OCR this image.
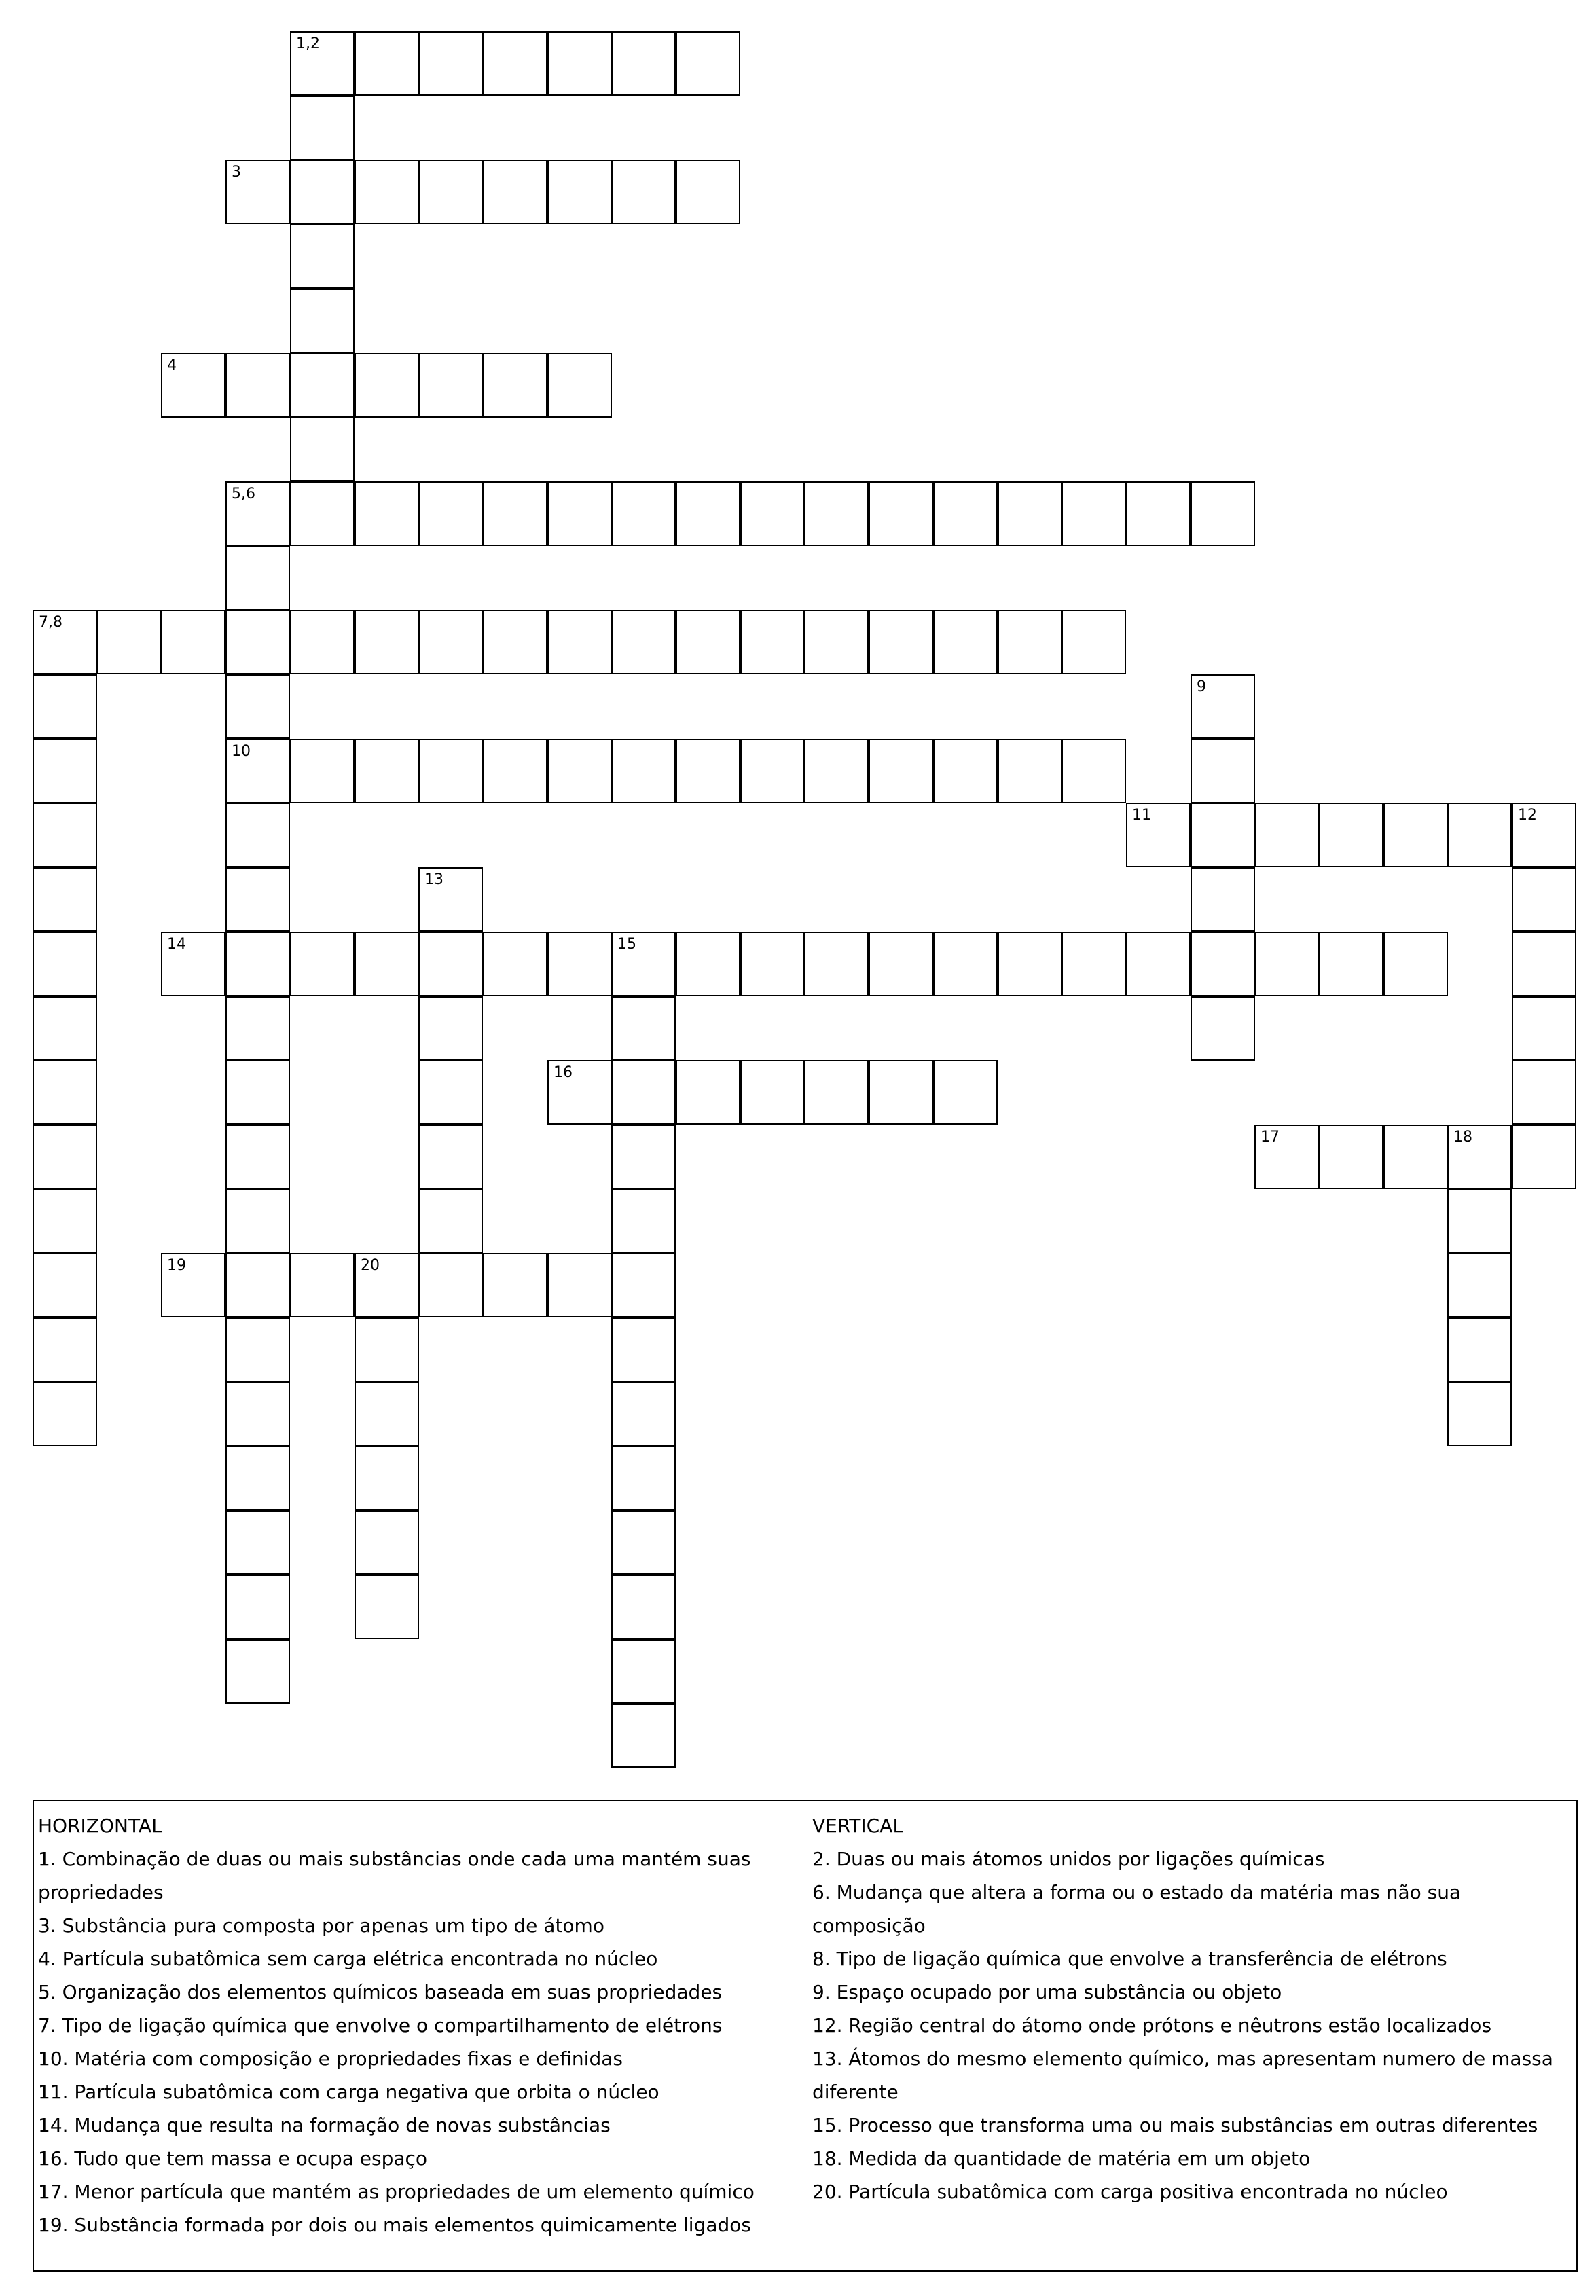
1,2
3
4
5,6
7,8
9
10
11	12
13
14	15
16
17	18
19	20

HORIZONTAL

1. Combinação de duas ou mais substâncias onde cada uma mantém suas propriedades

3. Substância pura composta por apenas um tipo de átomo

4. Partícula subatômica sem carga elétrica encontrada no núcleo

5. Organização dos elementos químicos baseada em suas propriedades

7. Tipo de ligação química que envolve o compartilhamento de elétrons

10. Matéria com composição e propriedades fixas e definidas

11. Partícula subatômica com carga negativa que orbita o núcleo

14. Mudança que resulta na formação de novas substâncias

16. Tudo que tem massa e ocupa espaço

17. Menor partícula que mantém as propriedades de um elemento químico

19. Substância formada por dois ou mais elementos quimicamente ligados

VERTICAL

2. Duas ou mais átomos unidos por ligações químicas

6. Mudança que altera a forma ou o estado da matéria mas não sua composição

8. Tipo de ligação química que envolve a transferência de elétrons

9. Espaço ocupado por uma substância ou objeto

12. Região central do átomo onde prótons e nêutrons estão localizados

13. Átomos do mesmo elemento químico, mas apresentam numero de massa diferente

15. Processo que transforma uma ou mais substâncias em outras diferentes

18. Medida da quantidade de matéria em um objeto

20. Partícula subatômica com carga positiva encontrada no núcleo
